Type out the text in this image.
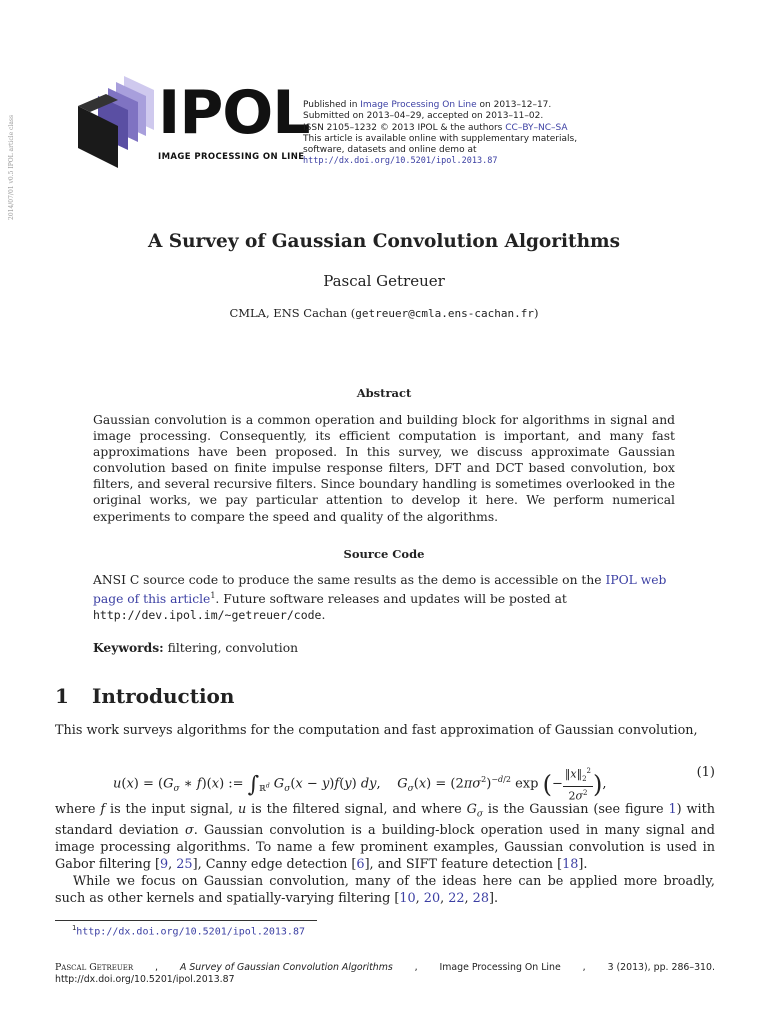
2014/07/01 v0.5 IPOL article class
IPOL
IMAGE PROCESSING ON LINE
Published in Image Processing On Line on 2013–12–17.
Submitted on 2013–04–29, accepted on 2013–11–02.
ISSN 2105–1232 © 2013 IPOL & the authors CC–BY–NC–SA
This article is available online with supplementary materials,
software, datasets and online demo at
http://dx.doi.org/10.5201/ipol.2013.87
A Survey of Gaussian Convolution Algorithms
Pascal Getreuer
CMLA, ENS Cachan (getreuer@cmla.ens-cachan.fr)
Abstract
Gaussian convolution is a common operation and building block for algorithms in signal and image processing. Consequently, its efficient computation is important, and many fast approximations have been proposed. In this survey, we discuss approximate Gaussian convolution based on finite impulse response filters, DFT and DCT based convolution, box filters, and several recursive filters. Since boundary handling is sometimes overlooked in the original works, we pay particular attention to develop it here. We perform numerical experiments to compare the speed and quality of the algorithms.
Source Code
ANSI C source code to produce the same results as the demo is accessible on the IPOL web page of this article$^1$. Future software releases and updates will be posted at http://dev.ipol.im/~getreuer/code.
Keywords: filtering, convolution
1 Introduction
This work surveys algorithms for the computation and fast approximation of Gaussian convolution,
$u(x) = (G_\sigma$ ∗ f)(x) := $\int_{ℝ^d}$ $G_\sigma(x - y)f(y)$ dy,    $G_\sigma(x) = (2\pi\sigma^2)^{-d/2}$ exp (− $\frac{‖x‖_2^2}{2\sigma^2}$ ),
(1)

where f is the input signal, u is the filtered signal, and where $G_\sigma$ is the Gaussian (see figure 1) with standard deviation σ. Gaussian convolution is a building-block operation used in many signal and image processing algorithms. To name a few prominent examples, Gaussian convolution is used in Gabor filtering [9, 25], Canny edge detection [6], and SIFT feature detection [18].

While we focus on Gaussian convolution, many of the ideas here can be applied more broadly, such as other kernels and spatially-varying filtering [10, 20, 22, 28].

$^1$http://dx.doi.org/10.5201/ipol.2013.87
Pascal Getreuer , A Survey of Gaussian Convolution Algorithms , Image Processing On Line , 3 (2013), pp. 286–310.
http://dx.doi.org/10.5201/ipol.2013.87
